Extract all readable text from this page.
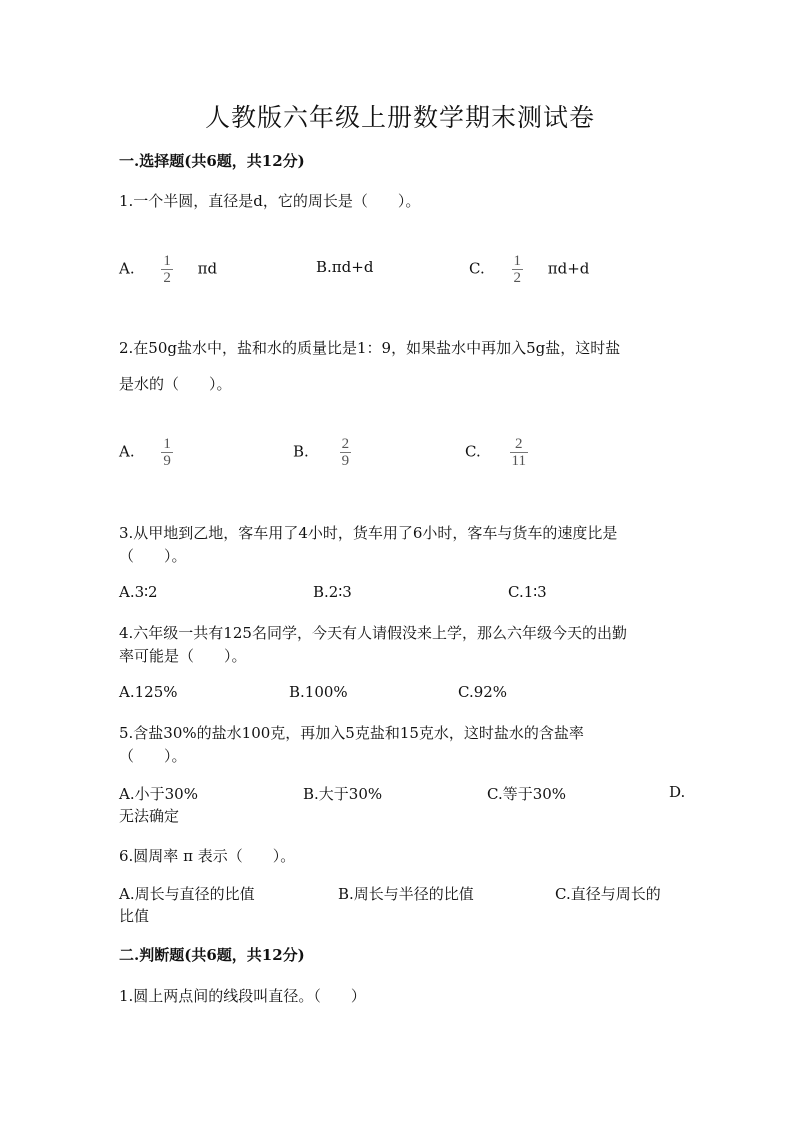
人教版六年级上册数学期末测试卷
一.选择题(共6题，共12分)
1.一个半圆，直径是d，它的周长是（　　）。
A. $\frac{1}{2}$ πd	B.πd+d	C. $\frac{1}{2} \pi d+d$
2.在50g盐水中，盐和水的质量比是1：9，如果盐水中再加入5g盐，这时盐
是水的（　　）。
A. $\frac{1}{9}$	B. $\frac{2}{9}$	C. $\frac{2}{11}$
3.从甲地到乙地，客车用了4小时，货车用了6小时，客车与货车的速度比是
（　　）。
A.3∶2	B.2∶3	C.1∶3
4.六年级一共有125名同学，今天有人请假没来上学，那么六年级今天的出勤
率可能是（　　）。
A.125%	B.100%	C.92%
5.含盐30%的盐水100克，再加入5克盐和15克水，这时盐水的含盐率
（　　）。
A.小于30%	B.大于30%	C.等于30%	D.
无法确定
6.圆周率 π 表示（　　）。
A.周长与直径的比值	B.周长与半径的比值	C.直径与周长的
比值
二.判断题(共6题，共12分)
1.圆上两点间的线段叫直径。（　　）
